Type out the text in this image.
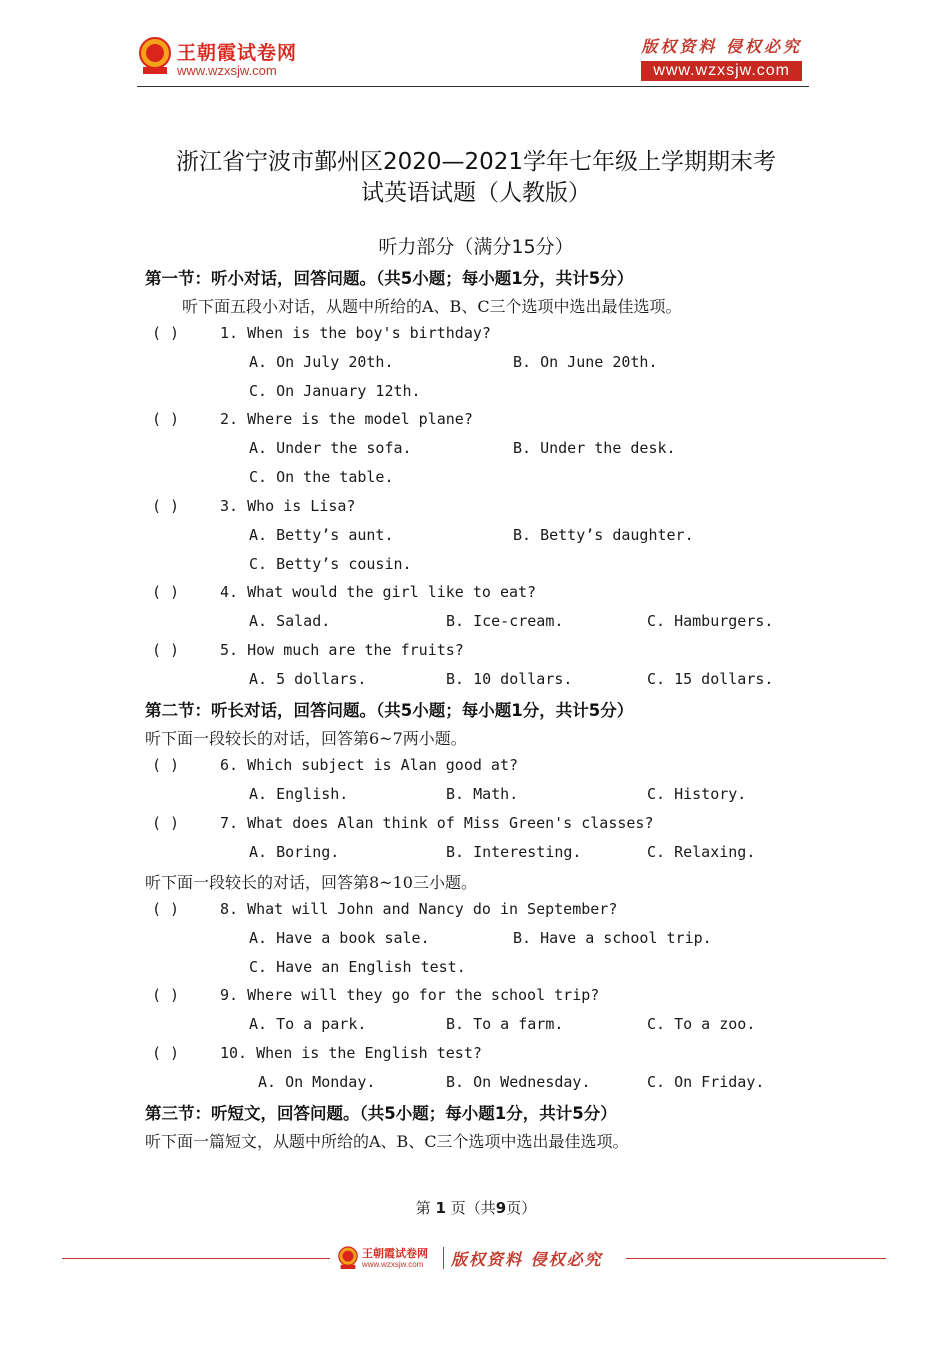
王朝霞试卷网
www.wzxsjw.com
版权资料 侵权必究
www.wzxsjw.com
浙江省宁波市鄞州区2020—2021学年七年级上学期期末考
试英语试题（人教版）
听力部分（满分15分）
第一节：听小对话，回答问题。（共5小题；每小题1分，共计5分）
听下面五段小对话，从题中所给的A、B、C三个选项中选出最佳选项。
( )	1. When is the boy's birthday?
A. On July 20th.	B. On June 20th.
C. On January 12th.
( )	2. Where is the model plane?
A. Under the sofa.	B. Under the desk.
C. On the table.
( )	3. Who is Lisa?
A. Betty’s aunt.	B. Betty’s daughter.
C. Betty’s cousin.
( )	4. What would the girl like to eat?
A. Salad.	B. Ice-cream.	C. Hamburgers.
( )	5. How much are the fruits?
A. 5 dollars.	B. 10 dollars.	C. 15 dollars.
第二节：听长对话，回答问题。（共5小题；每小题1分，共计5分）
听下面一段较长的对话，回答第6~7两小题。
( )	6. Which subject is Alan good at?
A. English.	B. Math.	C. History.
( )	7. What does Alan think of Miss Green's classes?
A. Boring.	B. Interesting.	C. Relaxing.
听下面一段较长的对话，回答第8~10三小题。
( )	8. What will John and Nancy do in September?
A. Have a book sale.	B. Have a school trip.
C. Have an English test.
( )	9. Where will they go for the school trip?
A. To a park.	B. To a farm.	C. To a zoo.
( )	10. When is the English test?
A. On Monday.	B. On Wednesday.	C. On Friday.
第三节：听短文，回答问题。（共5小题；每小题1分，共计5分）
听下面一篇短文，从题中所给的A、B、C三个选项中选出最佳选项。
第 1 页（共9页）
王朝霞试卷网
www.wzxsjw.com 版权资料 侵权必究
